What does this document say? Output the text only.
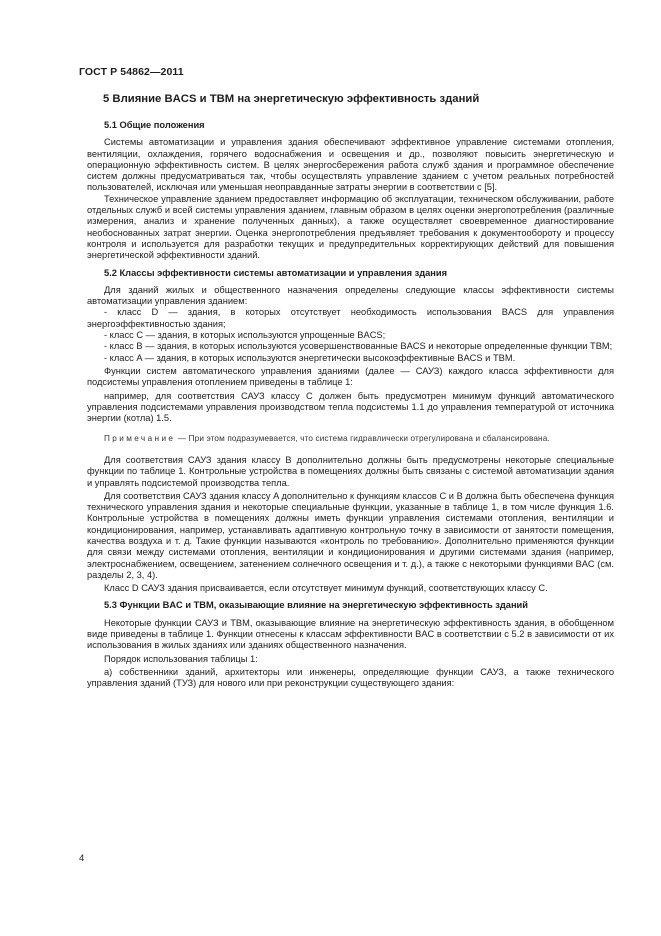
ГОСТ Р 54862—2011
5 Влияние BACS и ТВМ на энергетическую эффективность зданий
5.1 Общие положения

Системы автоматизации и управления здания обеспечивают эффективное управление системами отопления, вентиляции, охлаждения, горячего водоснабжения и освещения и др., позволяют повысить энергетическую и операционную эффективность систем. В целях энергосбережения работа служб здания и программное обеспечение систем должны предусматриваться так, чтобы осуществлять управление зданием с учетом реальных потребностей пользователей, исключая или уменьшая неоправданные затраты энергии в соответствии с [5].

Техническое управление зданием предоставляет информацию об эксплуатации, техническом обслуживании, работе отдельных служб и всей системы управления зданием, главным образом в целях оценки энергопотребления (различные измерения, анализ и хранение полученных данных), а также осуществляет своевременное диагностирование необоснованных затрат энергии. Оценка энергопотребления предъявляет требования к документообороту и процессу контроля и используется для разработки текущих и предупредительных корректирующих действий для повышения энергетической эффективности зданий.

5.2 Классы эффективности системы автоматизации и управления здания

Для зданий жилых и общественного назначения определены следующие классы эффективности системы автоматизации управления зданием:

- класс D — здания, в которых отсутствует необходимость использования BACS для управления энергоэффективностью здания;

- класс C — здания, в которых используются упрощенные BACS;

- класс B — здания, в которых используются усовершенствованные BACS и некоторые определенные функции ТВМ;

- класс A — здания, в которых используются энергетически высокоэффективные BACS и ТВМ.

Функции систем автоматического управления зданиями (далее — САУЗ) каждого класса эффективности для подсистемы управления отоплением приведены в таблице 1:

например, для соответствия САУЗ классу C должен быть предусмотрен минимум функций автоматического управления подсистемами управления производством тепла подсистемы 1.1 до управления температурой от источника энергии (котла) 1.5.

Примечание — При этом подразумевается, что система гидравлически отрегулирована и сбалансирована.

Для соответствия САУЗ здания классу B дополнительно должны быть предусмотрены некоторые специальные функции по таблице 1. Контрольные устройства в помещениях должны быть связаны с системой автоматизации здания и управлять подсистемой производства тепла.

Для соответствия САУЗ здания классу A дополнительно к функциям классов C и B должна быть обеспечена функция технического управления здания и некоторые специальные функции, указанные в таблице 1, в том числе функция 1.6. Контрольные устройства в помещениях должны иметь функции управления системами отопления, вентиляции и кондиционирования, например, устанавливать адаптивную контрольную точку в зависимости от занятости помещения, качества воздуха и т. д. Такие функции называются «контроль по требованию». Дополнительно применяются функции для связи между системами отопления, вентиляции и кондиционирования и другими системами здания (например, электроснабжением, освещением, затенением солнечного освещения и т. д.), а также с некоторыми функциями BAC (см. разделы 2, 3, 4).

Класс D САУЗ здания присваивается, если отсутствует минимум функций, соответствующих классу C.

5.3 Функции BAC и ТВМ, оказывающие влияние на энергетическую эффективность зданий

Некоторые функции САУЗ и ТВМ, оказывающие влияние на энергетическую эффективность здания, в обобщенном виде приведены в таблице 1. Функции отнесены к классам эффективности BAC в соответствии с 5.2 в зависимости от их использования в жилых зданиях или зданиях общественного назначения.

Порядок использования таблицы 1:

а) собственники зданий, архитекторы или инженеры, определяющие функции САУЗ, а также технического управления зданий (ТУЗ) для нового или при реконструкции существующего здания:

4
